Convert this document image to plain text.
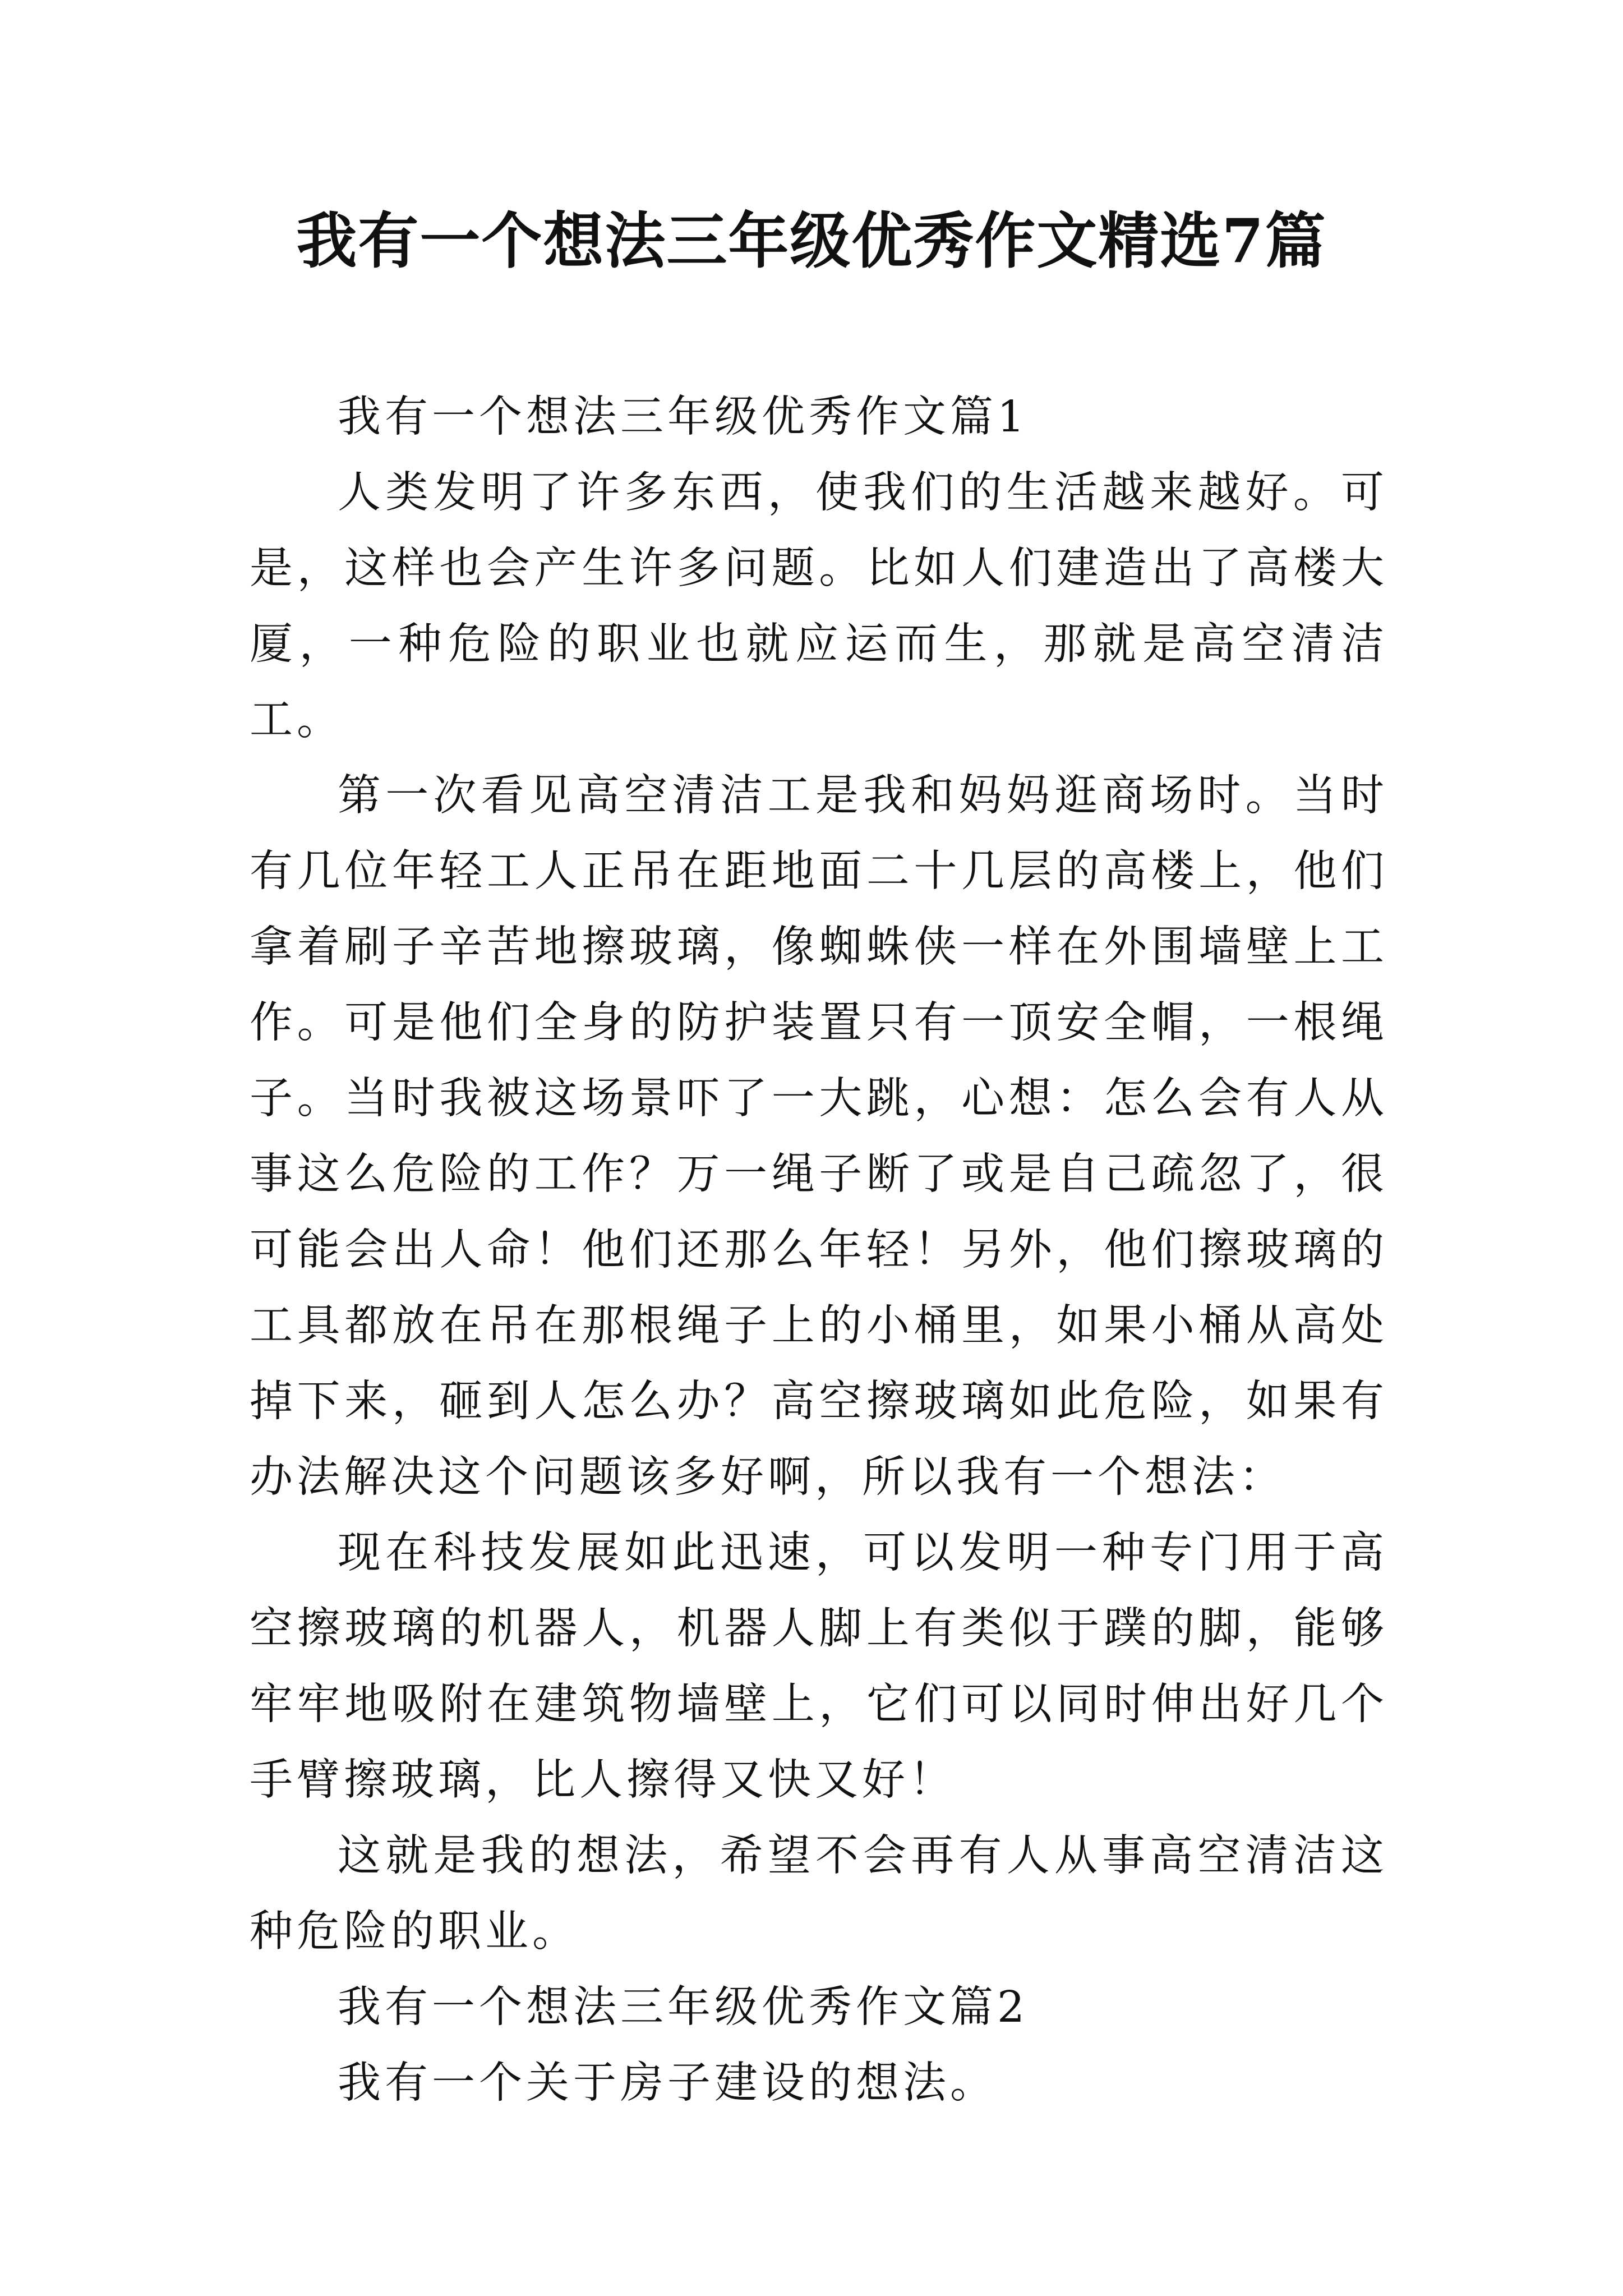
我有一个想法三年级优秀作文精选7篇

我有一个想法三年级优秀作文篇1

人类发明了许多东西，使我们的生活越来越好。可是，这样也会产生许多问题。比如人们建造出了高楼大厦，一种危险的职业也就应运而生，那就是高空清洁工。

第一次看见高空清洁工是我和妈妈逛商场时。当时有几位年轻工人正吊在距地面二十几层的高楼上，他们拿着刷子辛苦地擦玻璃，像蜘蛛侠一样在外围墙壁上工作。可是他们全身的防护装置只有一顶安全帽，一根绳子。当时我被这场景吓了一大跳，心想：怎么会有人从事这么危险的工作？万一绳子断了或是自己疏忽了，很可能会出人命！他们还那么年轻！另外，他们擦玻璃的工具都放在吊在那根绳子上的小桶里，如果小桶从高处掉下来，砸到人怎么办？高空擦玻璃如此危险，如果有办法解决这个问题该多好啊，所以我有一个想法：

现在科技发展如此迅速，可以发明一种专门用于高空擦玻璃的机器人，机器人脚上有类似于蹼的脚，能够牢牢地吸附在建筑物墙壁上，它们可以同时伸出好几个手臂擦玻璃，比人擦得又快又好！

这就是我的想法，希望不会再有人从事高空清洁这种危险的职业。

我有一个想法三年级优秀作文篇2

我有一个关于房子建设的想法。
